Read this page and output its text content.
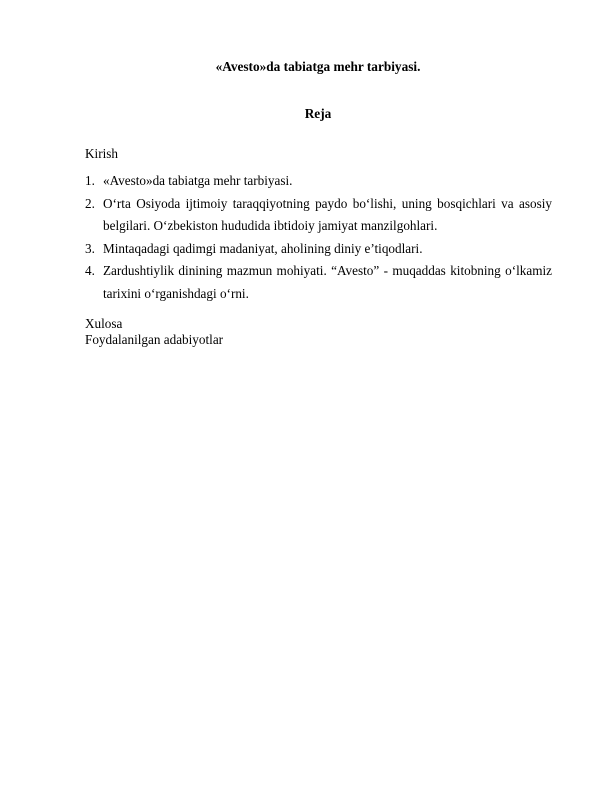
«Avesto»da tabiatga mehr tarbiyasi.
Reja
Kirish
1. «Avesto»da tabiatga mehr tarbiyasi.
2. O‘rta Osiyoda ijtimoiy taraqqiyotning paydo bo‘lishi, uning bosqichlari va asosiy belgilari. O‘zbekiston hududida ibtidoiy jamiyat manzilgohlari.
3. Mintaqadagi qadimgi madaniyat, aholining diniy e’tiqodlari.
4. Zardushtiylik dinining mazmun mohiyati. “Avesto” - muqaddas kitobning o‘lkamiz tarixini o‘rganishdagi o‘rni.
Xulosa
Foydalanilgan adabiyotlar
